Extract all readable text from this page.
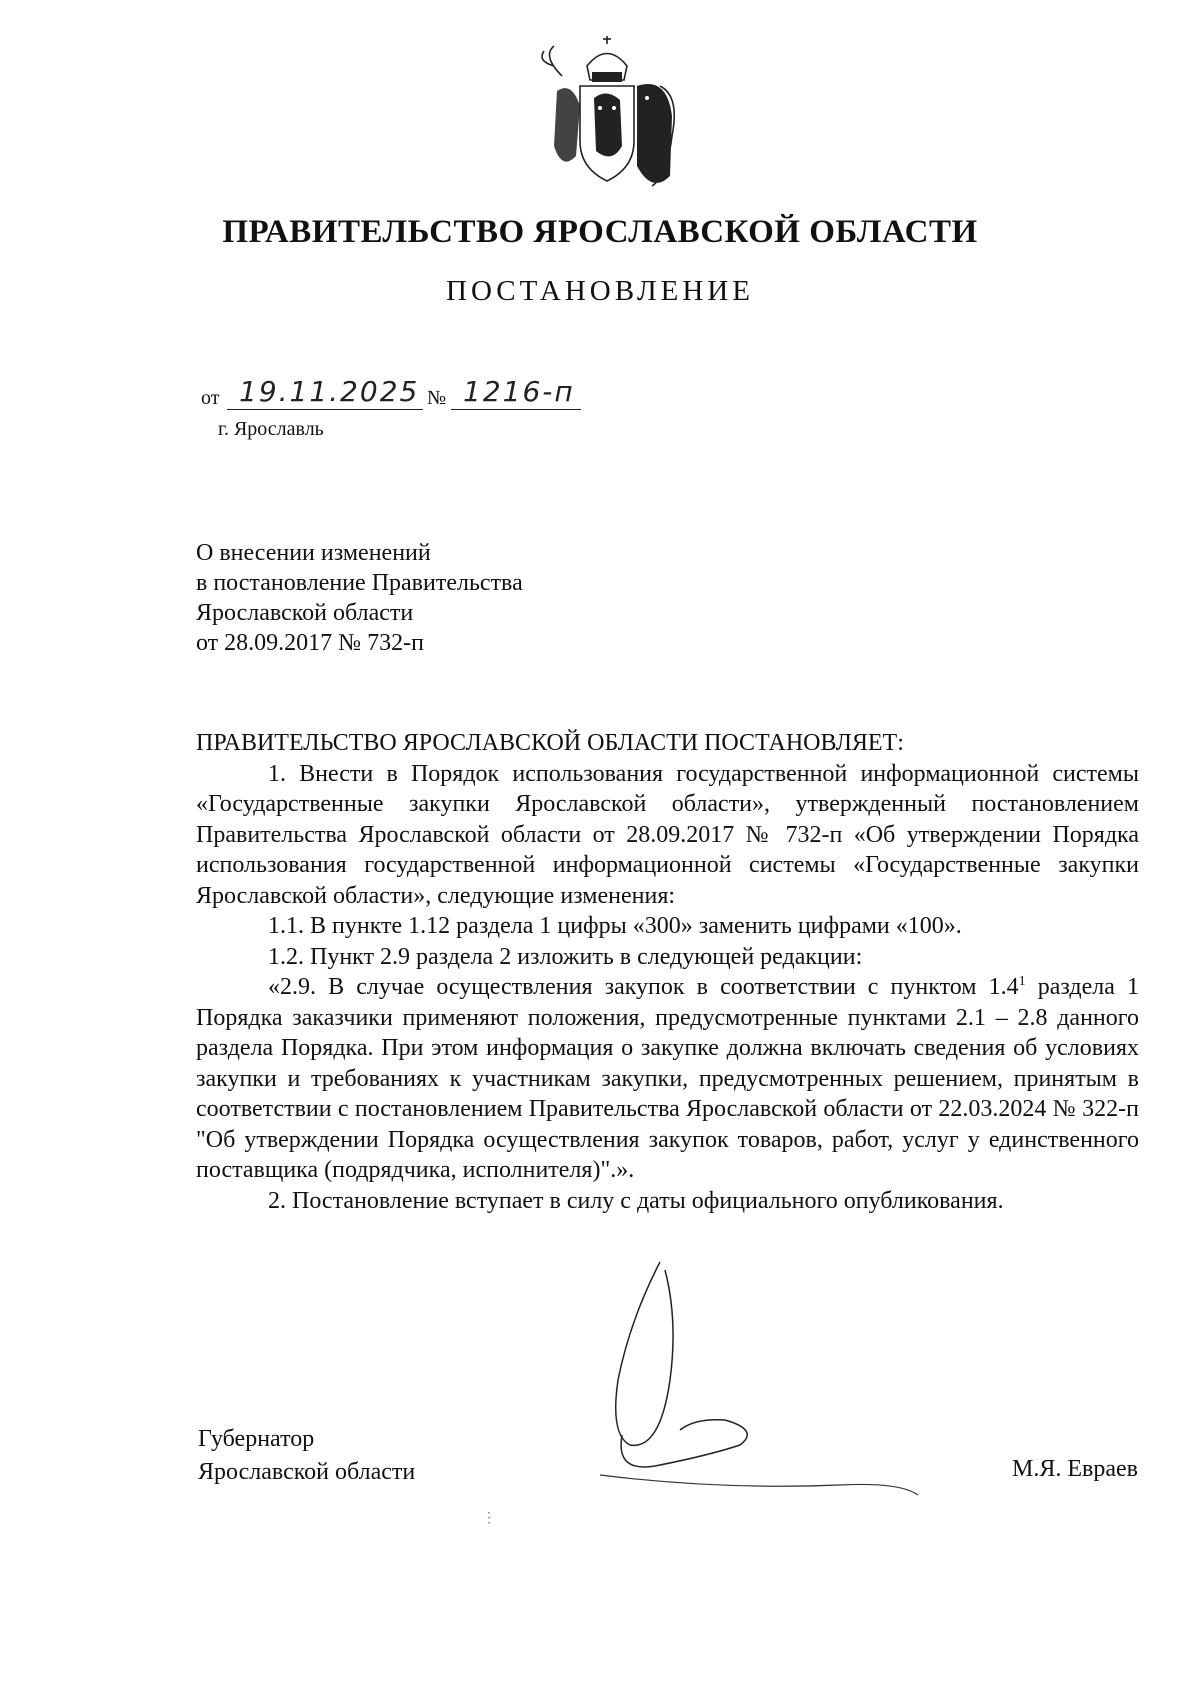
ПРАВИТЕЛЬСТВО ЯРОСЛАВСКОЙ ОБЛАСТИ
ПОСТАНОВЛЕНИЕ
от 19.11.2025 № 1216-п
г. Ярославль
О внесении изменений
в постановление Правительства
Ярославской области
от 28.09.2017 № 732-п

ПРАВИТЕЛЬСТВО ЯРОСЛАВСКОЙ ОБЛАСТИ ПОСТАНОВЛЯЕТ:

1. Внести в Порядок использования государственной информационной системы «Государственные закупки Ярославской области», утвержденный постановлением Правительства Ярославской области от 28.09.2017 № 732-п «Об утверждении Порядка использования государственной информационной системы «Государственные закупки Ярославской области», следующие изменения:

1.1. В пункте 1.12 раздела 1 цифры «300» заменить цифрами «100».

1.2. Пункт 2.9 раздела 2 изложить в следующей редакции:

«2.9. В случае осуществления закупок в соответствии с пунктом $1.4^1$ раздела 1 Порядка заказчики применяют положения, предусмотренные пунктами 2.1 – 2.8 данного раздела Порядка. При этом информация о закупке должна включать сведения об условиях закупки и требованиях к участникам закупки, предусмотренных решением, принятым в соответствии с постановлением Правительства Ярославской области от 22.03.2024 № 322-п "Об утверждении Порядка осуществления закупок товаров, работ, услуг у единственного поставщика (подрядчика, исполнителя)".».

2. Постановление вступает в силу с даты официального опубликования.

Губернатор
Ярославской области	М.Я. Евраев
⋮
